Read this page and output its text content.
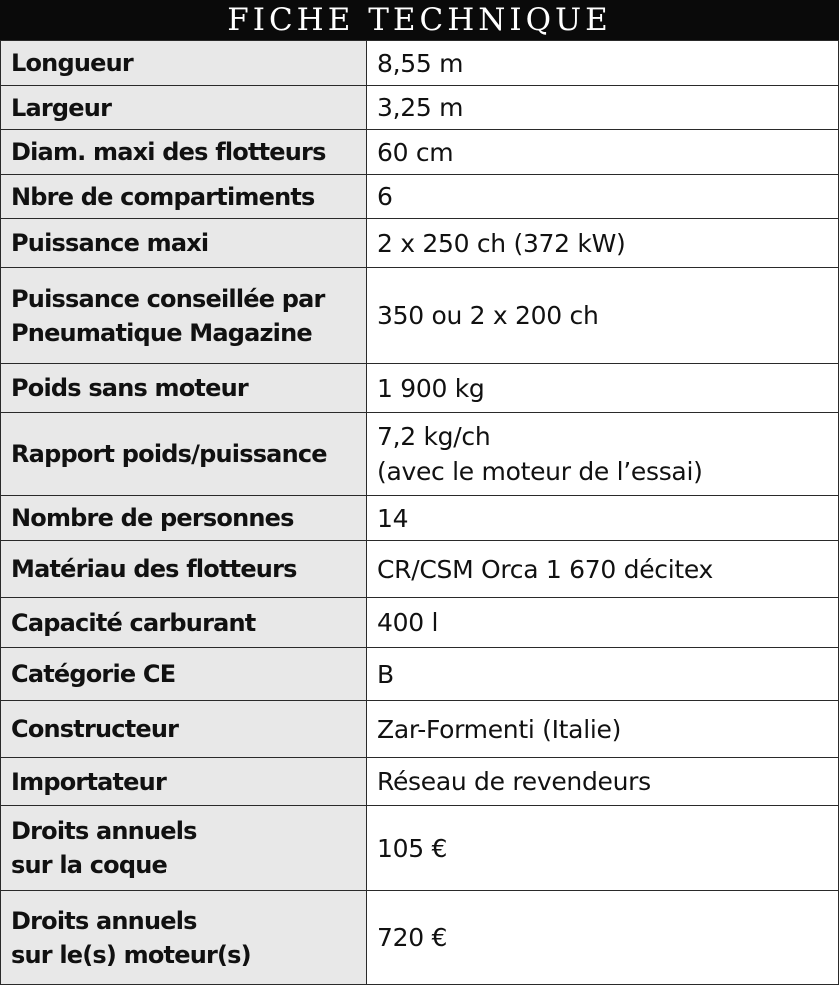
FICHE TECHNIQUE
Longueur	8,55 m

Largeur	3,25 m

Diam. maxi des flotteurs	60 cm

Nbre de compartiments	6

Puissance maxi	2 x 250 ch (372 kW)

Puissance conseillée par
Pneumatique Magazine	350 ou 2 x 200 ch

Poids sans moteur	1 900 kg

Rapport poids/puissance	7,2 kg/ch
(avec le moteur de l’essai)

Nombre de personnes	14

Matériau des flotteurs	CR/CSM Orca 1 670 décitex

Capacité carburant	400 l

Catégorie CE	B

Constructeur	Zar-Formenti (Italie)

Importateur	Réseau de revendeurs

Droits annuels
sur la coque	105 €

Droits annuels
sur le(s) moteur(s)	720 €
